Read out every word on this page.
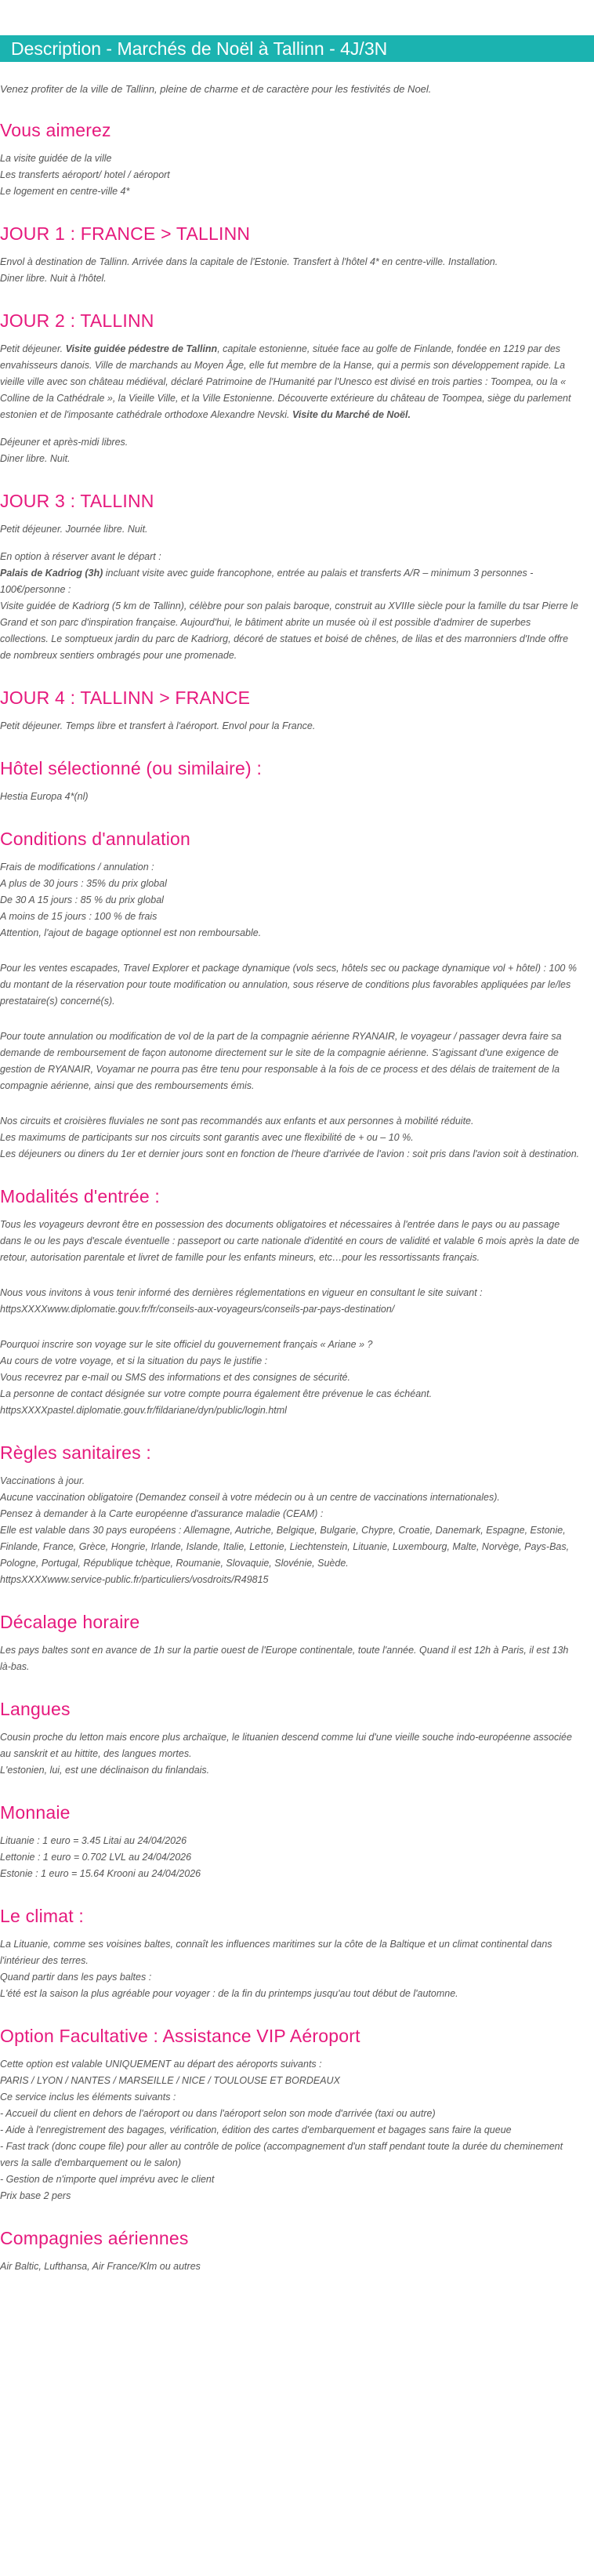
Description - Marchés de Noël à Tallinn - 4J/3N
Venez profiter de la ville de Tallinn, pleine de charme et de caractère pour les festivités de Noel.
Vous aimerez
La visite guidée de la ville
Les transferts aéroport/ hotel / aéroport
Le logement en centre-ville 4*
JOUR 1 : FRANCE > TALLINN
Envol à destination de Tallinn. Arrivée dans la capitale de l'Estonie. Transfert à l'hôtel 4* en centre-ville. Installation.
Diner libre. Nuit à l'hôtel.
JOUR 2 : TALLINN
Petit déjeuner. Visite guidée pédestre de Tallinn, capitale estonienne, située face au golfe de Finlande, fondée en 1219 par des envahisseurs danois. Ville de marchands au Moyen Âge, elle fut membre de la Hanse, qui a permis son développement rapide. La vieille ville avec son château médiéval, déclaré Patrimoine de l'Humanité par l'Unesco est divisé en trois parties : Toompea, ou la « Colline de la Cathédrale », la Vieille Ville, et la Ville Estonienne. Découverte extérieure du château de Toompea, siège du parlement estonien et de l'imposante cathédrale orthodoxe Alexandre Nevski. Visite du Marché de Noël.
Déjeuner et après-midi libres.
Diner libre. Nuit.
JOUR 3 : TALLINN
Petit déjeuner. Journée libre. Nuit.
En option à réserver avant le départ :
Palais de Kadriog (3h) incluant visite avec guide francophone, entrée au palais et transferts A/R – minimum 3 personnes - 100€/personne :
Visite guidée de Kadriorg (5 km de Tallinn), célèbre pour son palais baroque, construit au XVIIIe siècle pour la famille du tsar Pierre le Grand et son parc d'inspiration française. Aujourd'hui, le bâtiment abrite un musée où il est possible d'admirer de superbes collections. Le somptueux jardin du parc de Kadriorg, décoré de statues et boisé de chênes, de lilas et des marronniers d'Inde offre de nombreux sentiers ombragés pour une promenade.
JOUR 4 : TALLINN > FRANCE
Petit déjeuner. Temps libre et transfert à l'aéroport. Envol pour la France.
Hôtel sélectionné (ou similaire) :
Hestia Europa 4*(nl)
Conditions d'annulation
Frais de modifications / annulation :
A plus de 30 jours : 35% du prix global
De 30 A 15 jours : 85 % du prix global
A moins de 15 jours : 100 % de frais
Attention, l'ajout de bagage optionnel est non remboursable.
Pour les ventes escapades, Travel Explorer et package dynamique (vols secs, hôtels sec ou package dynamique vol + hôtel) : 100 % du montant de la réservation pour toute modification ou annulation, sous réserve de conditions plus favorables appliquées par le/les prestataire(s) concerné(s).
Pour toute annulation ou modification de vol de la part de la compagnie aérienne RYANAIR, le voyageur / passager devra faire sa demande de remboursement de façon autonome directement sur le site de la compagnie aérienne. S'agissant d'une exigence de gestion de RYANAIR, Voyamar ne pourra pas être tenu pour responsable à la fois de ce process et des délais de traitement de la compagnie aérienne, ainsi que des remboursements émis.
Nos circuits et croisières fluviales ne sont pas recommandés aux enfants et aux personnes à mobilité réduite.
Les maximums de participants sur nos circuits sont garantis avec une flexibilité de + ou – 10 %.
Les déjeuners ou diners du 1er et dernier jours sont en fonction de l'heure d'arrivée de l'avion : soit pris dans l'avion soit à destination.
Modalités d'entrée :
Tous les voyageurs devront être en possession des documents obligatoires et nécessaires à l'entrée dans le pays ou au passage dans le ou les pays d'escale éventuelle : passeport ou carte nationale d'identité en cours de validité et valable 6 mois après la date de retour, autorisation parentale et livret de famille pour les enfants mineurs, etc…pour les ressortissants français.
Nous vous invitons à vous tenir informé des dernières réglementations en vigueur en consultant le site suivant : httpsXXXXwww.diplomatie.gouv.fr/fr/conseils-aux-voyageurs/conseils-par-pays-destination/
Pourquoi inscrire son voyage sur le site officiel du gouvernement français « Ariane » ?
Au cours de votre voyage, et si la situation du pays le justifie :
Vous recevrez par e-mail ou SMS des informations et des consignes de sécurité.
La personne de contact désignée sur votre compte pourra également être prévenue le cas échéant.
httpsXXXXpastel.diplomatie.gouv.fr/fildariane/dyn/public/login.html
Règles sanitaires :
Vaccinations à jour.
Aucune vaccination obligatoire (Demandez conseil à votre médecin ou à un centre de vaccinations internationales).
Pensez à demander à la Carte européenne d'assurance maladie (CEAM) :
Elle est valable dans 30 pays européens : Allemagne, Autriche, Belgique, Bulgarie, Chypre, Croatie, Danemark, Espagne, Estonie, Finlande, France, Grèce, Hongrie, Irlande, Islande, Italie, Lettonie, Liechtenstein, Lituanie, Luxembourg, Malte, Norvège, Pays-Bas, Pologne, Portugal, République tchèque, Roumanie, Slovaquie, Slovénie, Suède.
httpsXXXXwww.service-public.fr/particuliers/vosdroits/R49815
Décalage horaire
Les pays baltes sont en avance de 1h sur la partie ouest de l'Europe continentale, toute l'année. Quand il est 12h à Paris, il est 13h là-bas.
Langues
Cousin proche du letton mais encore plus archaïque, le lituanien descend comme lui d'une vieille souche indo-européenne associée au sanskrit et au hittite, des langues mortes.
L'estonien, lui, est une déclinaison du finlandais.
Monnaie
Lituanie : 1 euro = 3.45 Litai au 24/04/2026
Lettonie : 1 euro = 0.702 LVL au 24/04/2026
Estonie : 1 euro = 15.64 Krooni au 24/04/2026
Le climat :
La Lituanie, comme ses voisines baltes, connaît les influences maritimes sur la côte de la Baltique et un climat continental dans l'intérieur des terres.
Quand partir dans les pays baltes :
L'été est la saison la plus agréable pour voyager : de la fin du printemps jusqu'au tout début de l'automne.
Option Facultative : Assistance VIP Aéroport
Cette option est valable UNIQUEMENT au départ des aéroports suivants :
PARIS / LYON / NANTES / MARSEILLE / NICE / TOULOUSE ET BORDEAUX
Ce service inclus les éléments suivants :
- Accueil du client en dehors de l'aéroport ou dans l'aéroport selon son mode d'arrivée (taxi ou autre)
- Aide à l'enregistrement des bagages, vérification, édition des cartes d'embarquement et bagages sans faire la queue
- Fast track (donc coupe file) pour aller au contrôle de police (accompagnement d'un staff pendant toute la durée du cheminement vers la salle d'embarquement ou le salon)
- Gestion de n'importe quel imprévu avec le client
Prix base 2 pers
Compagnies aériennes
Air Baltic, Lufthansa, Air France/Klm ou autres
